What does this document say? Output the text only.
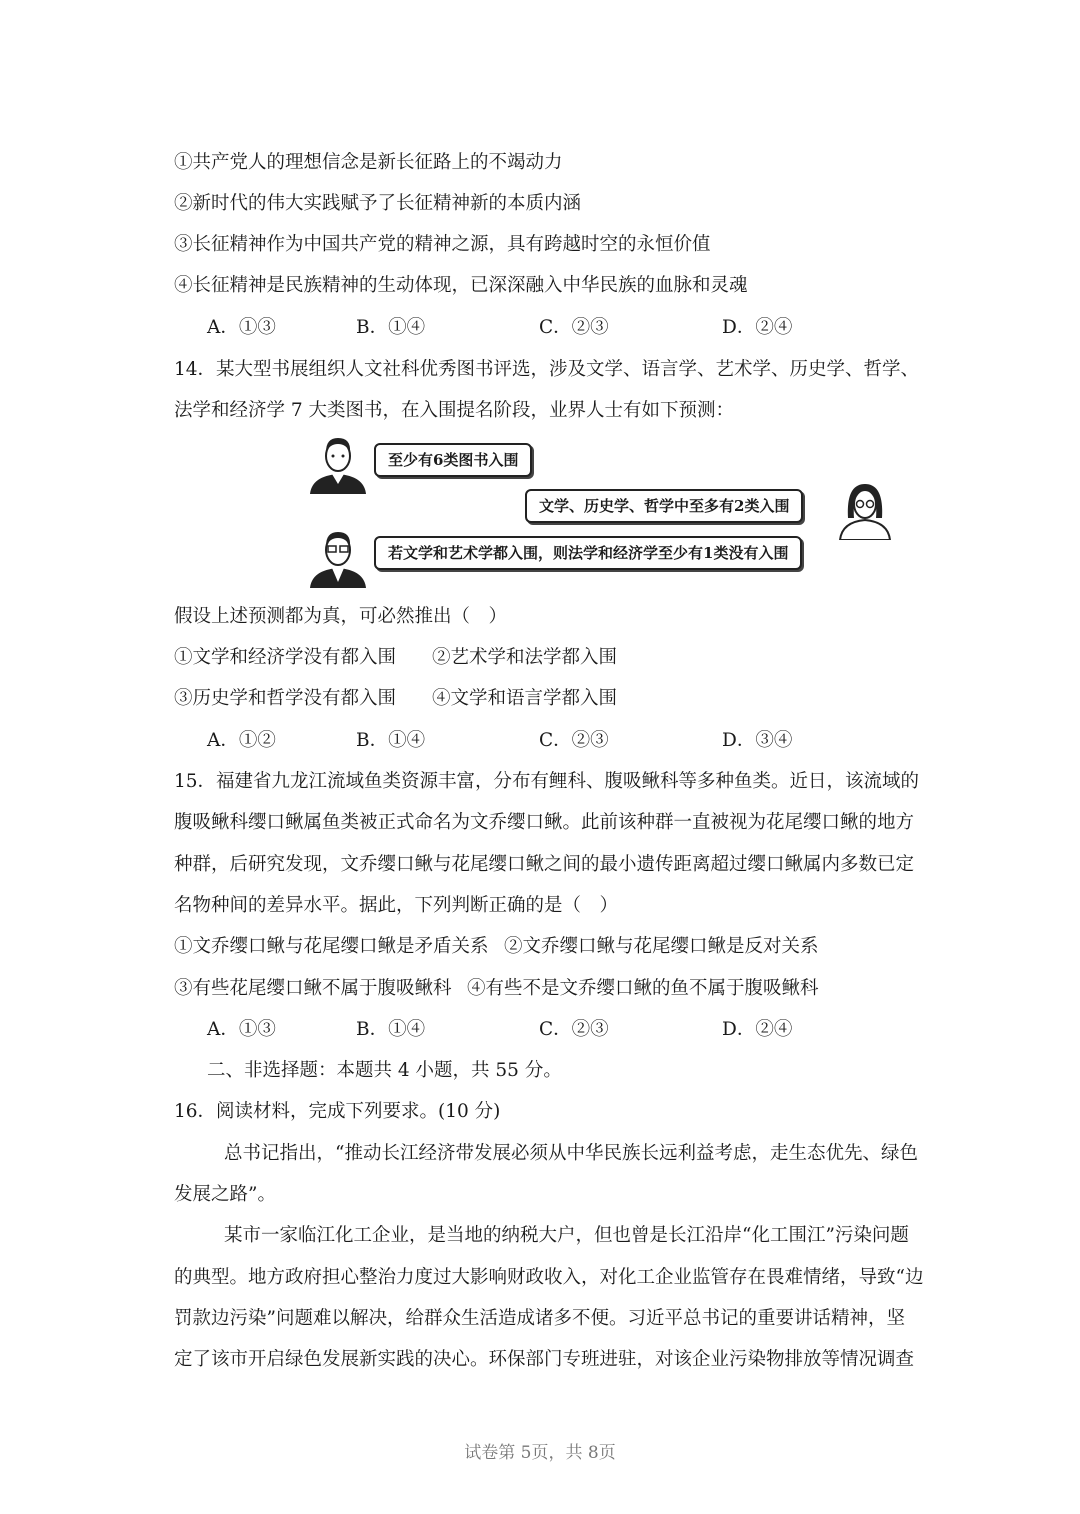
①共产党人的理想信念是新长征路上的不竭动力
②新时代的伟大实践赋予了长征精神新的本质内涵
③长征精神作为中国共产党的精神之源，具有跨越时空的永恒价值
④长征精神是民族精神的生动体现，已深深融入中华民族的血脉和灵魂
A．①③	B．①④	C．②③	D．②④
14．某大型书展组织人文社科优秀图书评选，涉及文学、语言学、艺术学、历史学、哲学、
法学和经济学 7 大类图书，在入围提名阶段，业界人士有如下预测：
至少有6类图书入围
文学、历史学、哲学中至多有2类入围
若文学和艺术学都入围，则法学和经济学至少有1类没有入围
假设上述预测都为真，可必然推出（　）
①文学和经济学没有都入围 ②艺术学和法学都入围
③历史学和哲学没有都入围 ④文学和语言学都入围
A．①②	B．①④	C．②③	D．③④
15．福建省九龙江流域鱼类资源丰富，分布有鲤科、腹吸鳅科等多种鱼类。近日，该流域的
腹吸鳅科缨口鳅属鱼类被正式命名为文乔缨口鳅。此前该种群一直被视为花尾缨口鳅的地方
种群，后研究发现，文乔缨口鳅与花尾缨口鳅之间的最小遗传距离超过缨口鳅属内多数已定
名物种间的差异水平。据此，下列判断正确的是（　）
①文乔缨口鳅与花尾缨口鳅是矛盾关系 ②文乔缨口鳅与花尾缨口鳅是反对关系
③有些花尾缨口鳅不属于腹吸鳅科 ④有些不是文乔缨口鳅的鱼不属于腹吸鳅科
A．①③	B．①④	C．②③	D．②④
二、非选择题：本题共 4 小题，共 55 分。
16．阅读材料，完成下列要求。(10 分)
总书记指出，“推动长江经济带发展必须从中华民族长远利益考虑，走生态优先、绿色
发展之路”。
某市一家临江化工企业，是当地的纳税大户，但也曾是长江沿岸“化工围江”污染问题
的典型。地方政府担心整治力度过大影响财政收入，对化工企业监管存在畏难情绪，导致“边
罚款边污染”问题难以解决，给群众生活造成诸多不便。习近平总书记的重要讲话精神，坚
定了该市开启绿色发展新实践的决心。环保部门专班进驻，对该企业污染物排放等情况调查
试卷第 5页，共 8页
